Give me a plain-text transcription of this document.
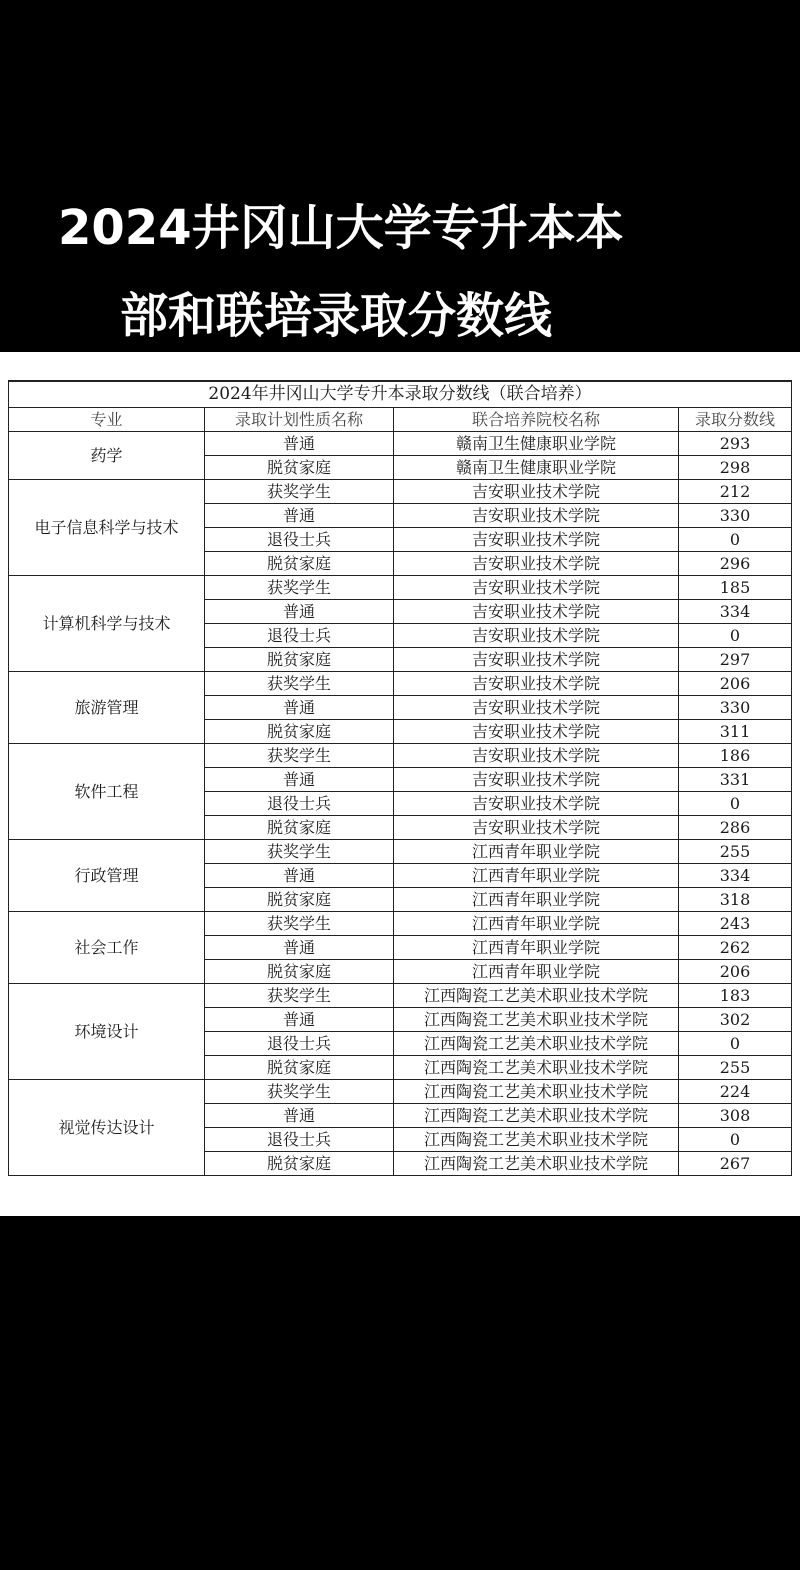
2024井冈山大学专升本本
部和联培录取分数线
2024年井冈山大学专升本录取分数线（联合培养）			
专业	录取计划性质名称	联合培养院校名称	录取分数线
药学	普通	赣南卫生健康职业学院	293
	脱贫家庭	赣南卫生健康职业学院	298
电子信息科学与技术	获奖学生	吉安职业技术学院	212
	普通	吉安职业技术学院	330
	退役士兵	吉安职业技术学院	0
	脱贫家庭	吉安职业技术学院	296
计算机科学与技术	获奖学生	吉安职业技术学院	185
	普通	吉安职业技术学院	334
	退役士兵	吉安职业技术学院	0
	脱贫家庭	吉安职业技术学院	297
旅游管理	获奖学生	吉安职业技术学院	206
	普通	吉安职业技术学院	330
	脱贫家庭	吉安职业技术学院	311
软件工程	获奖学生	吉安职业技术学院	186
	普通	吉安职业技术学院	331
	退役士兵	吉安职业技术学院	0
	脱贫家庭	吉安职业技术学院	286
行政管理	获奖学生	江西青年职业学院	255
	普通	江西青年职业学院	334
	脱贫家庭	江西青年职业学院	318
社会工作	获奖学生	江西青年职业学院	243
	普通	江西青年职业学院	262
	脱贫家庭	江西青年职业学院	206
环境设计	获奖学生	江西陶瓷工艺美术职业技术学院	183
	普通	江西陶瓷工艺美术职业技术学院	302
	退役士兵	江西陶瓷工艺美术职业技术学院	0
	脱贫家庭	江西陶瓷工艺美术职业技术学院	255
视觉传达设计	获奖学生	江西陶瓷工艺美术职业技术学院	224
	普通	江西陶瓷工艺美术职业技术学院	308
	退役士兵	江西陶瓷工艺美术职业技术学院	0
	脱贫家庭	江西陶瓷工艺美术职业技术学院	267
